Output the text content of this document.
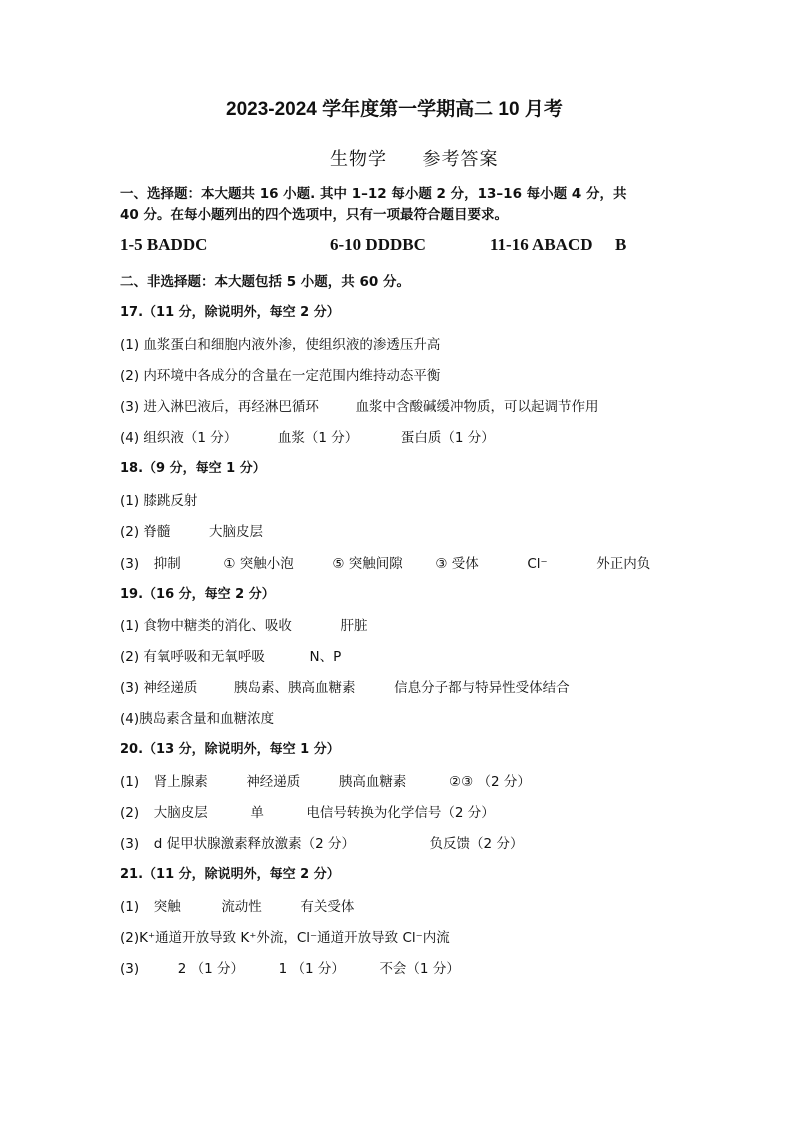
2023-2024 学年度第一学期高二 10 月考
生物学 参考答案
一、选择题：本大题共 16 小题. 其中 1–12 每小题 2 分，13–16 每小题 4 分，共
40 分。在每小题列出的四个选项中，只有一项最符合题目要求。
1-5 BADDC	6-10 DDDBC	11-16 ABACD B
二、非选择题：本大题包括 5 小题，共 60 分。
17.（11 分，除说明外，每空 2 分）
(1) 血浆蛋白和细胞内液外渗，使组织液的渗透压升高
(2) 内环境中各成分的含量在一定范围内维持动态平衡
(3) 进入淋巴液后，再经淋巴循环	血浆中含酸碱缓冲物质，可以起调节作用
(4) 组织液（1 分）	血浆（1 分）	蛋白质（1 分）
18.（9 分，每空 1 分）
(1) 膝跳反射
(2) 脊髓	大脑皮层
(3) 抑制	① 突触小泡	⑤ 突触间隙 ③ 受体	Cl⁻	外正内负
19.（16 分，每空 2 分）
(1) 食物中糖类的消化、吸收	肝脏
(2) 有氧呼吸和无氧呼吸	N、P
(3) 神经递质	胰岛素、胰高血糖素	信息分子都与特异性受体结合
(4)胰岛素含量和血糖浓度
20.（13 分，除说明外，每空 1 分）
(1) 肾上腺素	神经递质	胰高血糖素	②③ （2 分）
(2) 大脑皮层	单	电信号转换为化学信号（2 分）
(3) d 促甲状腺激素释放激素（2 分）	负反馈（2 分）
21.（11 分，除说明外，每空 2 分）
(1) 突触	流动性	有关受体
(2)K⁺通道开放导致 K⁺外流，Cl⁻通道开放导致 Cl⁻内流
(3)	2 （1 分）	1 （1 分）	不会（1 分）
